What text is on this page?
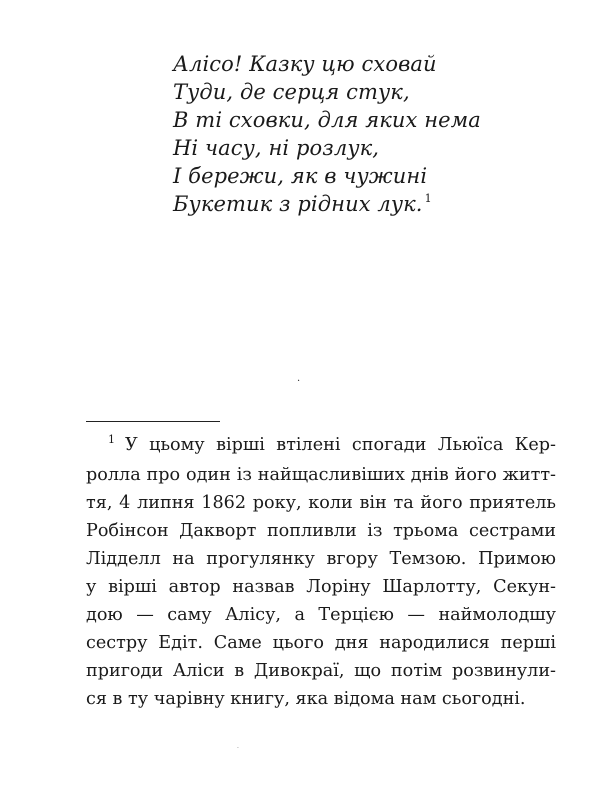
Алісо! Казку цю сховай
Туди, де серця стук,
В ті сховки, для яких нема
Ні часу, ні розлук,
І бережи, як в чужині
Букетик з рідних лук. $^1$
·
$^1$ У цьому вірші втілені спогади Льюїса Кер-
ролла про один із найщасливіших днів його житт-
тя, 4 липня 1862 року, коли він та його приятель
Робінсон Дакворт попливли із трьома сестрами
Лідделл на прогулянку вгору Темзою. Примою
у вірші автор назвав Лоріну Шарлотту, Секун-
дою — саму Алісу, а Терцією — наймолодшу
сестру Едіт. Саме цього дня народилися перші
пригоди Аліси в Дивокраї, що потім розвинули-
ся в ту чарівну книгу, яка відома нам сьогодні.
·
